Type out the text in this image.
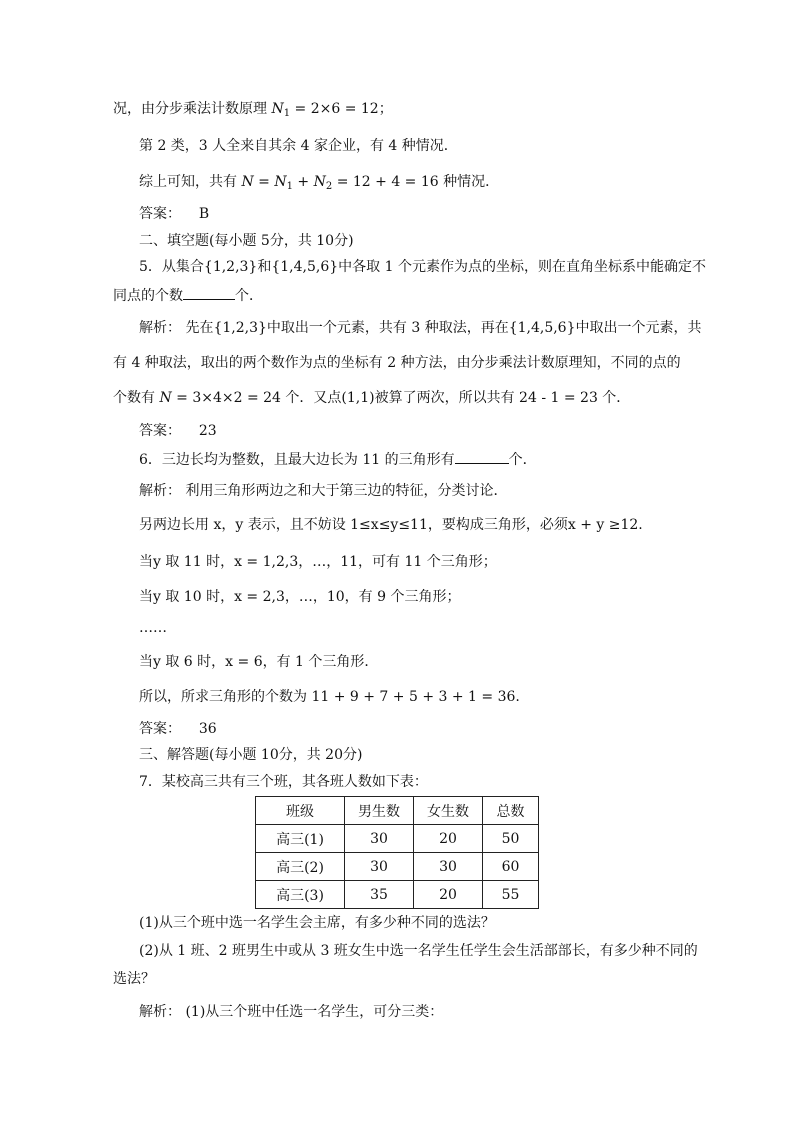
况，由分步乘法计数原理 $N_1 = 2\times 6 = 12$；
第 2 类，3 人全来自其余 4 家企业，有 4 种情况．
综上可知，共有 $N = N_1 + N_2 = 12 + 4 = 16$ 种情况．
答案： B
二、填空题(每小题 5分，共 10分)
5．从集合{1,2,3}和{1,4,5,6}中各取 1 个元素作为点的坐标，则在直角坐标系中能确定不
同点的个数	个．
解析： 先在{1,2,3}中取出一个元素，共有 3 种取法，再在{1,4,5,6}中取出一个元素，共
有 4 种取法，取出的两个数作为点的坐标有 2 种方法，由分步乘法计数原理知，不同的点的
个数有 N = 3×4×2 = 24 个．又点(1,1)被算了两次，所以共有 24 - 1 = 23 个．
答案： 23
6．三边长均为整数，且最大边长为 11 的三角形有	个．
解析： 利用三角形两边之和大于第三边的特征，分类讨论．
另两边长用 x，y 表示，且不妨设 1≤x≤y≤11，要构成三角形，必须x + y ≥12.
当y 取 11 时，x = 1,2,3，…，11，可有 11 个三角形；
当y 取 10 时，x = 2,3，…，10，有 9 个三角形；
……
当y 取 6 时，x = 6，有 1 个三角形．
所以，所求三角形的个数为 11 + 9 + 7 + 5 + 3 + 1 = 36.
答案： 36
三、解答题(每小题 10分，共 20分)
7．某校高三共有三个班，其各班人数如下表：
班级	男生数	女生数	总数
高三(1)	30	20	50
高三(2)	30	30	60
高三(3)	35	20	55
(1)从三个班中选一名学生会主席，有多少种不同的选法？
(2)从 1 班、2 班男生中或从 3 班女生中选一名学生任学生会生活部部长，有多少种不同的
选法？
解析： (1)从三个班中任选一名学生，可分三类：
